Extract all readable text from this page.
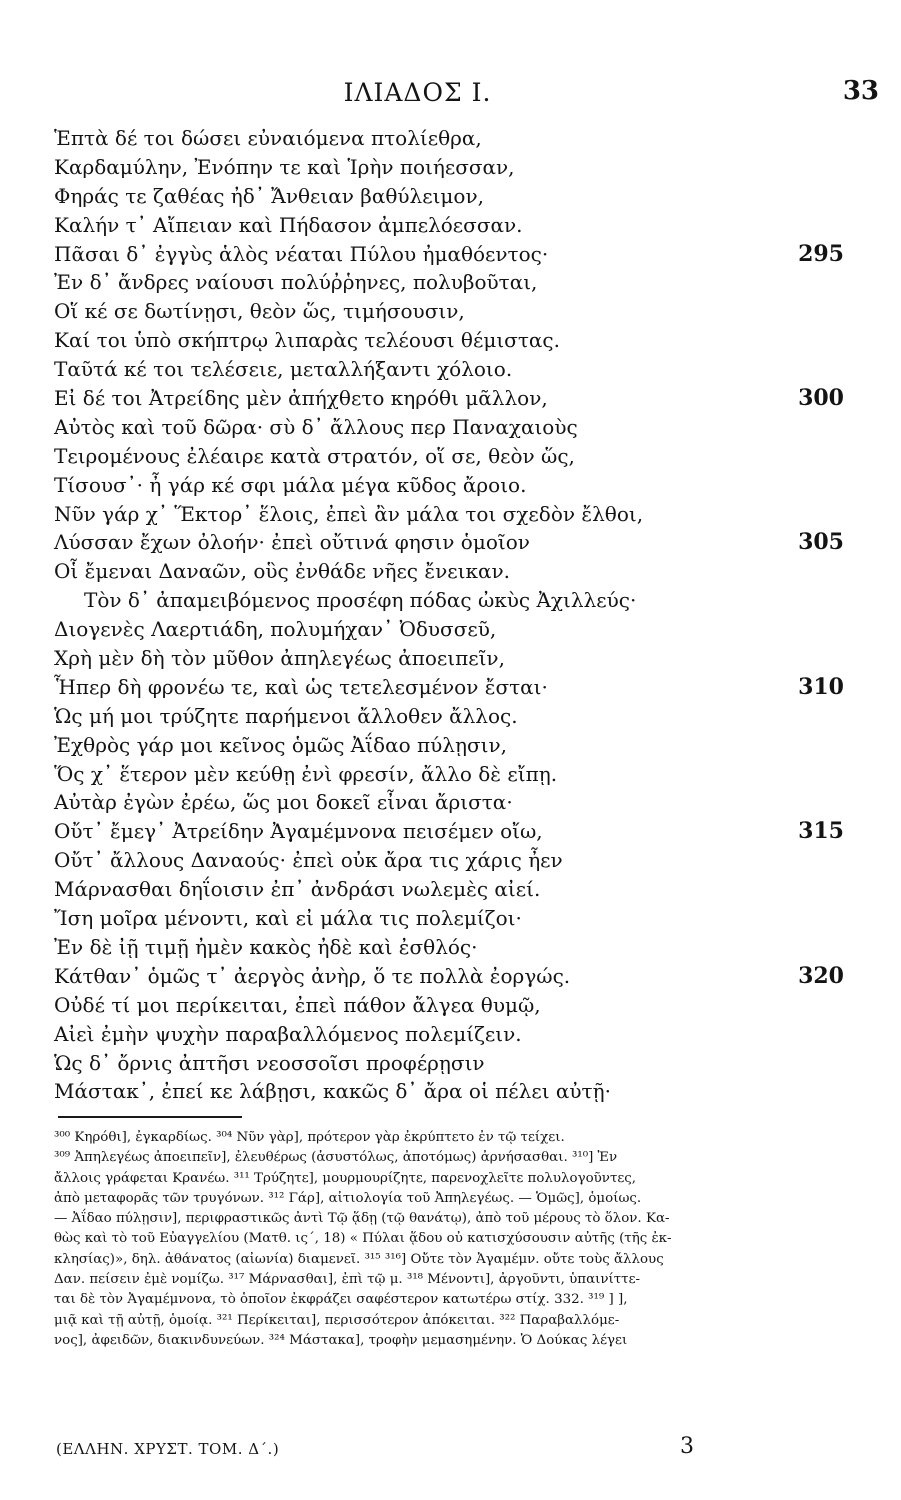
ΙΛΙΑΔΟΣ Ι.	33
Ἑπτὰ δέ τοι δώσει εὐναιόμενα πτολίεθρα,
Καρδαμύλην, Ἐνόπην τε καὶ Ἱρὴν ποιήεσσαν,
Φηράς τε ζαθέας ἠδ᾽ Ἄνθειαν βαθύλειμον,
Καλήν τ᾽ Αἴπειαν καὶ Πήδασον ἀμπελόεσσαν.
Πᾶσαι δ᾽ ἐγγὺς ἁλὸς νέαται Πύλου ἠμαθόεντος·	295
Ἐν δ᾽ ἄνδρες ναίουσι πολύῤῥηνες, πολυβοῦται,
Οἵ κέ σε δωτίνῃσι, θεὸν ὥς, τιμήσουσιν,
Καί τοι ὑπὸ σκήπτρῳ λιπαρὰς τελέουσι θέμιστας.
Ταῦτά κέ τοι τελέσειε, μεταλλήξαντι χόλοιο.
Εἰ δέ τοι Ἀτρείδης μὲν ἀπήχθετο κηρόθι μᾶλλον,	300
Αὐτὸς καὶ τοῦ δῶρα· σὺ δ᾽ ἄλλους περ Παναχαιοὺς
Τειρομένους ἐλέαιρε κατὰ στρατόν, οἵ σε, θεὸν ὥς,
Τίσουσ᾽· ἦ γάρ κέ σφι μάλα μέγα κῦδος ἄροιο.
Νῦν γάρ χ᾽ Ἕκτορ᾽ ἕλοις, ἐπεὶ ἂν μάλα τοι σχεδὸν ἔλθοι,
Λύσσαν ἔχων ὀλοήν· ἐπεὶ οὔτινά φησιν ὁμοῖον	305
Οἷ ἔμεναι Δαναῶν, οὓς ἐνθάδε νῆες ἔνεικαν.
Τὸν δ᾽ ἀπαμειβόμενος προσέφη πόδας ὠκὺς Ἀχιλλεύς·
Διογενὲς Λαερτιάδη, πολυμήχαν᾽ Ὀδυσσεῦ,
Χρὴ μὲν δὴ τὸν μῦθον ἀπηλεγέως ἀποειπεῖν,
Ἧπερ δὴ φρονέω τε, καὶ ὡς τετελεσμένον ἔσται·	310
Ὡς μή μοι τρύζητε παρήμενοι ἄλλοθεν ἄλλος.
Ἐχθρὸς γάρ μοι κεῖνος ὁμῶς Ἀΐδαο πύλῃσιν,
Ὅς χ᾽ ἕτερον μὲν κεύθῃ ἐνὶ φρεσίν, ἄλλο δὲ εἴπῃ.
Αὐτὰρ ἐγὼν ἐρέω, ὥς μοι δοκεῖ εἶναι ἄριστα·
Οὔτ᾽ ἔμεγ᾽ Ἀτρείδην Ἀγαμέμνονα πεισέμεν οἴω,	315
Οὔτ᾽ ἄλλους Δαναούς· ἐπεὶ οὐκ ἄρα τις χάρις ἦεν
Μάρνασθαι δηΐοισιν ἐπ᾽ ἀνδράσι νωλεμὲς αἰεί.
Ἴση μοῖρα μένοντι, καὶ εἰ μάλα τις πολεμίζοι·
Ἐν δὲ ἰῇ τιμῇ ἠμὲν κακὸς ἠδὲ καὶ ἐσθλός·
Κάτθαν᾽ ὁμῶς τ᾽ ἀεργὸς ἀνὴρ, ὅ τε πολλὰ ἐοργώς.	320
Οὐδέ τί μοι περίκειται, ἐπεὶ πάθον ἄλγεα θυμῷ,
Αἰεὶ ἐμὴν ψυχὴν παραβαλλόμενος πολεμίζειν.
Ὡς δ᾽ ὄρνις ἀπτῆσι νεοσσοῖσι προφέρῃσιν
Μάστακ᾽, ἐπεί κε λάβῃσι, κακῶς δ᾽ ἄρα οἱ πέλει αὐτῇ·

³⁰⁰ Κηρόθι], ἐγκαρδίως. ³⁰⁴ Νῦν γὰρ], πρότερον γὰρ ἐκρύπτετο ἐν τῷ τείχει.

³⁰⁹ Ἀπηλεγέως ἀποειπεῖν], ἐλευθέρως (ἀσυστόλως, ἀποτόμως) ἀρνήσασθαι. ³¹⁰] Ἐν

ἄλλοις γράφεται Κρανέω. ³¹¹ Τρύζητε], μουρμουρίζητε, παρενοχλεῖτε πολυλογοῦντες,

ἀπὸ μεταφορᾶς τῶν τρυγόνων. ³¹² Γάρ], αἰτιολογία τοῦ Ἀπηλεγέως. — Ὁμῶς], ὁμοίως.

— Ἀΐδαο πύλῃσιν], περιφραστικῶς ἀντὶ Τῷ ᾅδῃ (τῷ θανάτῳ), ἀπὸ τοῦ μέρους τὸ ὅλον. Κα-

θὼς καὶ τὸ τοῦ Εὐαγγελίου (Ματθ. ις´, 18) « Πύλαι ᾅδου οὐ κατισχύσουσιν αὐτῆς (τῆς ἐκ-

κλησίας)», δηλ. ἀθάνατος (αἰωνία) διαμενεῖ. ³¹⁵ ³¹⁶] Οὔτε τὸν Ἀγαμέμν. οὔτε τοὺς ἄλλους

Δαν. πείσειν ἐμὲ νομίζω. ³¹⁷ Μάρνασθαι], ἐπὶ τῷ μ. ³¹⁸ Μένοντι], ἀργοῦντι, ὑπαινίττε-

ται δὲ τὸν Ἀγαμέμνονα, τὸ ὁποῖον ἐκφράζει σαφέστερον κατωτέρω στίχ. 332. ³¹⁹ ] ],

μιᾷ καὶ τῇ αὐτῇ, ὁμοίᾳ. ³²¹ Περίκειται], περισσότερον ἀπόκειται. ³²² Παραβαλλόμε-

νος], ἀφειδῶν, διακινδυνεύων. ³²⁴ Μάστακα], τροφὴν μεμασημένην. Ὁ Δούκας λέγει

(ΕΛΛΗΝ. ΧΡΥΣΤ. ΤΟΜ. Δ´.)	3
